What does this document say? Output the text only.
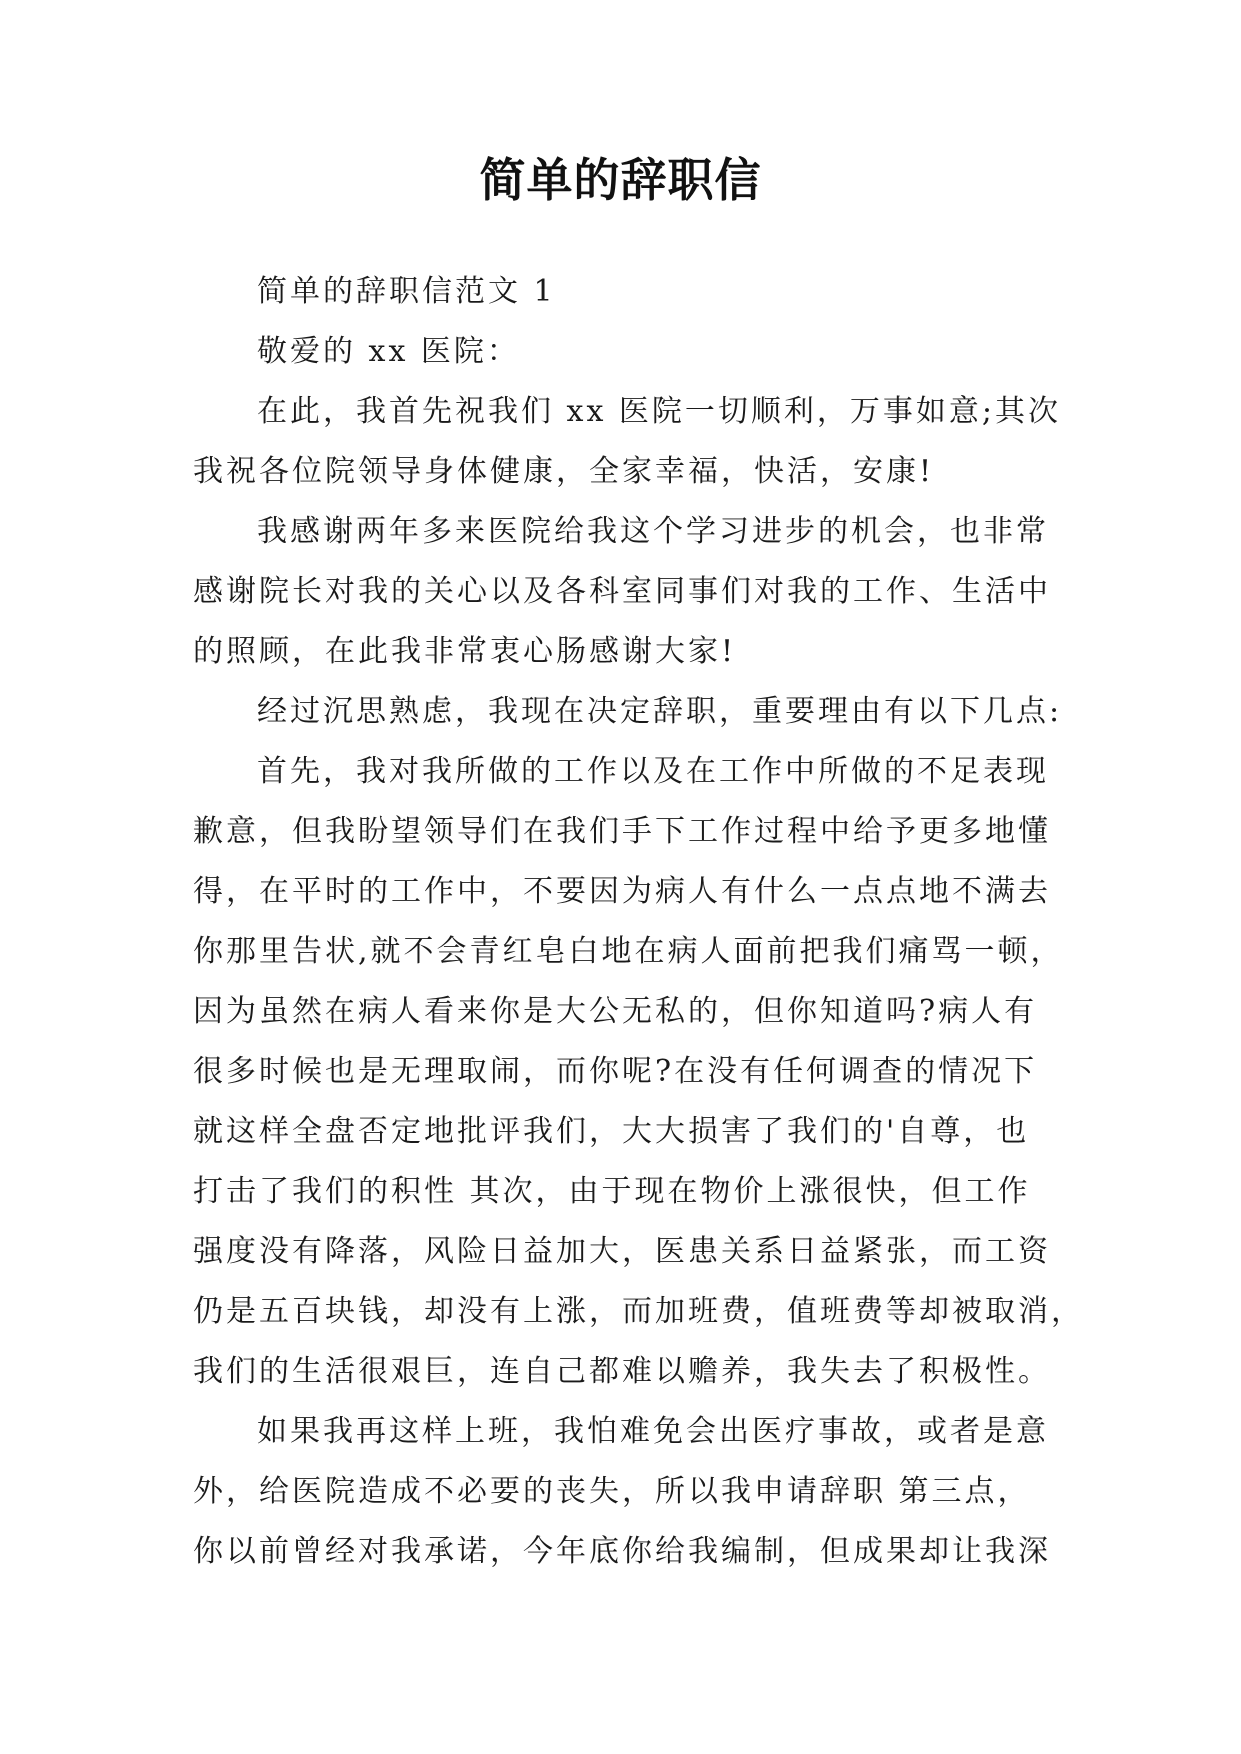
简单的辞职信
简单的辞职信范文 1
敬爱的 xx 医院：
在此，我首先祝我们 xx 医院一切顺利，万事如意;其次
我祝各位院领导身体健康，全家幸福，快活，安康!
我感谢两年多来医院给我这个学习进步的机会，也非常
感谢院长对我的关心以及各科室同事们对我的工作、生活中
的照顾，在此我非常衷心肠感谢大家!
经过沉思熟虑，我现在决定辞职，重要理由有以下几点:
首先，我对我所做的工作以及在工作中所做的不足表现
歉意，但我盼望领导们在我们手下工作过程中给予更多地懂
得，在平时的工作中，不要因为病人有什么一点点地不满去
你那里告状,就不会青红皂白地在病人面前把我们痛骂一顿，
因为虽然在病人看来你是大公无私的，但你知道吗?病人有
很多时候也是无理取闹，而你呢?在没有任何调查的情况下
就这样全盘否定地批评我们，大大损害了我们的'自尊，也
打击了我们的积性 其次，由于现在物价上涨很快，但工作
强度没有降落，风险日益加大，医患关系日益紧张，而工资
仍是五百块钱，却没有上涨，而加班费，值班费等却被取消，
我们的生活很艰巨，连自己都难以赡养，我失去了积极性。
如果我再这样上班，我怕难免会出医疗事故，或者是意
外，给医院造成不必要的丧失，所以我申请辞职 第三点，
你以前曾经对我承诺，今年底你给我编制，但成果却让我深
